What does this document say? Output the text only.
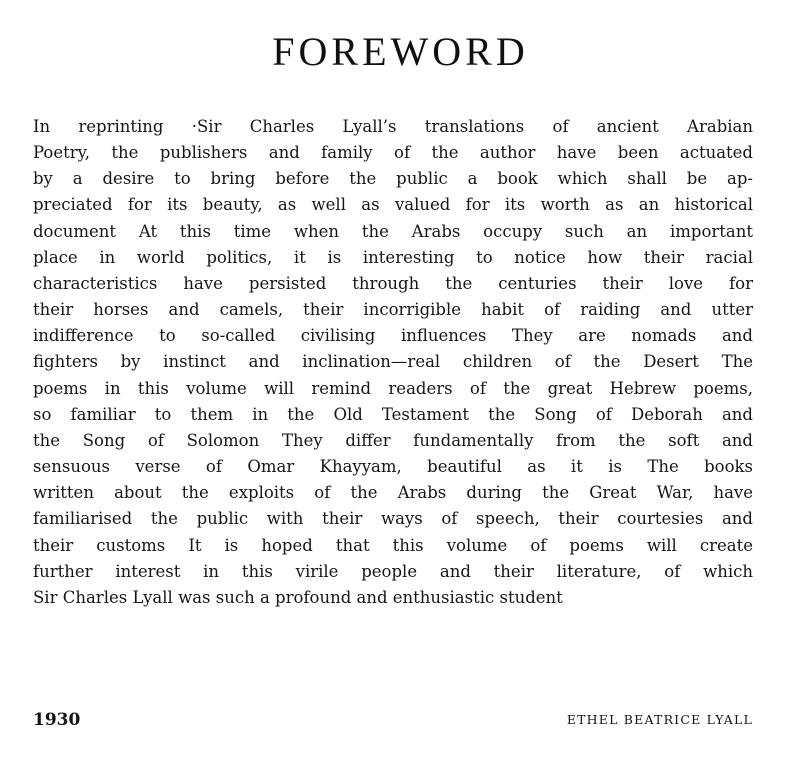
FOREWORD
In reprinting ·Sir Charles Lyall’s translations of ancient Arabian
Poetry, the publishers and family of the author have been actuated
by a desire to bring before the public a book which shall be ap-
preciated for its beauty, as well as valued for its worth as an historical
document At this time when the Arabs occupy such an important
place in world politics, it is interesting to notice how their racial
characteristics have persisted through the centuries their love for
their horses and camels, their incorrigible habit of raiding and utter
indifference to so-called civilising influences They are nomads and
fighters by instinct and inclination—real children of the Desert The
poems in this volume will remind readers of the great Hebrew poems,
so familiar to them in the Old Testament the Song of Deborah and
the Song of Solomon They differ fundamentally from the soft and
sensuous verse of Omar Khayyam, beautiful as it is The books
written about the exploits of the Arabs during the Great War, have
familiarised the public with their ways of speech, their courtesies and
their customs It is hoped that this volume of poems will create
further interest in this virile people and their literature, of which
Sir Charles Lyall was such a profound and enthusiastic student
1930	ETHEL BEATRICE LYALL
